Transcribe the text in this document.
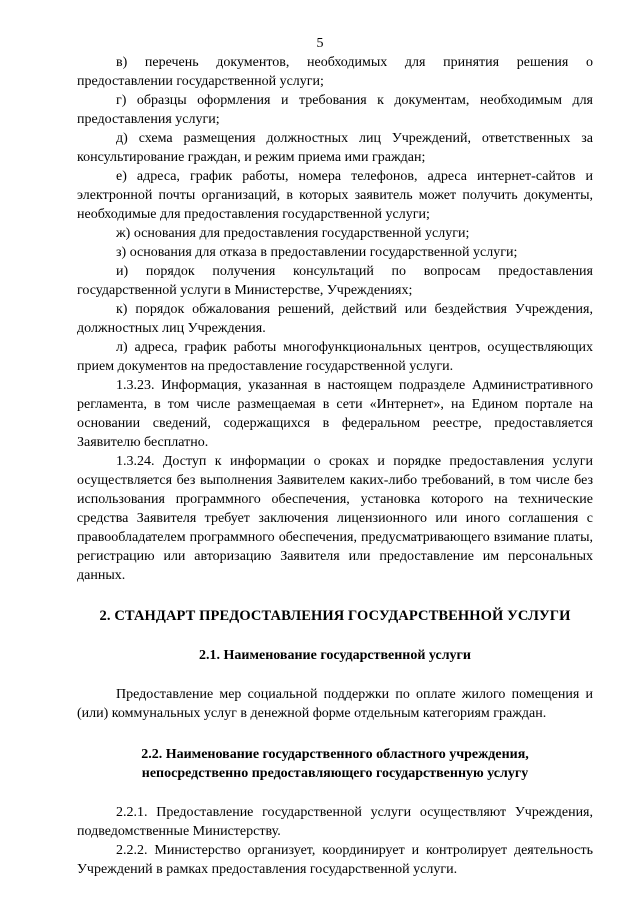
5

в) перечень документов, необходимых для принятия решения о предоставлении государственной услуги;

г) образцы оформления и требования к документам, необходимым для предоставления услуги;

д) схема размещения должностных лиц Учреждений, ответственных за консультирование граждан, и режим приема ими граждан;

е) адреса, график работы, номера телефонов, адреса интернет-сайтов и электронной почты организаций, в которых заявитель может получить документы, необходимые для предоставления государственной услуги;

ж) основания для предоставления государственной услуги;

з) основания для отказа в предоставлении государственной услуги;

и) порядок получения консультаций по вопросам предоставления государственной услуги в Министерстве, Учреждениях;

к) порядок обжалования решений, действий или бездействия Учреждения, должностных лиц Учреждения.

л) адреса, график работы многофункциональных центров, осуществляющих прием документов на предоставление государственной услуги.

1.3.23. Информация, указанная в настоящем подразделе Административного регламента, в том числе размещаемая в сети «Интернет», на Едином портале на основании сведений, содержащихся в федеральном реестре, предоставляется Заявителю бесплатно.

1.3.24. Доступ к информации о сроках и порядке предоставления услуги осуществляется без выполнения Заявителем каких-либо требований, в том числе без использования программного обеспечения, установка которого на технические средства Заявителя требует заключения лицензионного или иного соглашения с правообладателем программного обеспечения, предусматривающего взимание платы, регистрацию или авторизацию Заявителя или предоставление им персональных данных.

2. СТАНДАРТ ПРЕДОСТАВЛЕНИЯ ГОСУДАРСТВЕННОЙ УСЛУГИ

2.1. Наименование государственной услуги

Предоставление мер социальной поддержки по оплате жилого помещения и (или) коммунальных услуг в денежной форме отдельным категориям граждан.

2.2. Наименование государственного областного учреждения,

непосредственно предоставляющего государственную услугу

2.2.1. Предоставление государственной услуги осуществляют Учреждения, подведомственные Министерству.

2.2.2. Министерство организует, координирует и контролирует деятельность Учреждений в рамках предоставления государственной услуги.
